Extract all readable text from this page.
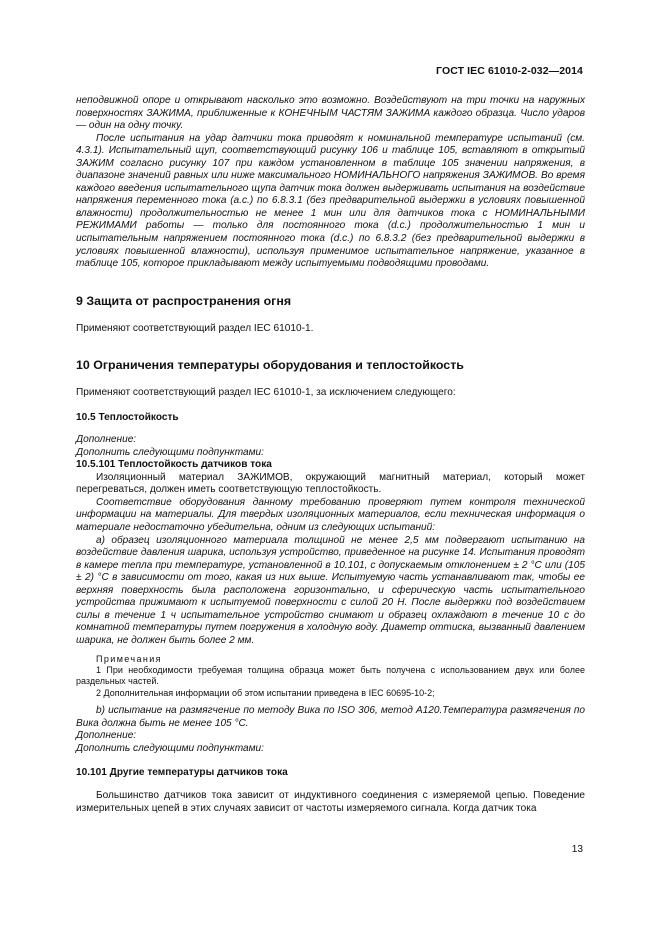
ГОСТ IEC 61010-2-032—2014

неподвижной опоре и открывают насколько это возможно. Воздействуют на три точки на наружных поверхностях ЗАЖИМА, приближенные к КОНЕЧНЫМ ЧАСТЯМ ЗАЖИМА каждого образца. Число ударов — один на одну точку.

После испытания на удар датчики тока приводят к номинальной температуре испытаний (см. 4.3.1). Испытательный щуп, соответствующий рисунку 106 и таблице 105, вставляют в открытый ЗАЖИМ согласно рисунку 107 при каждом установленном в таблице 105 значении напряжения, в диапазоне значений равных или ниже максимального НОМИНАЛЬНОГО напряжения ЗАЖИМОВ. Во время каждого введения испытательного щупа датчик тока должен выдерживать испытания на воздействие напряжения переменного тока (a.c.) по 6.8.3.1 (без предварительной выдержки в условиях повышенной влажности) продолжительностью не менее 1 мин или для датчиков тока с НОМИНАЛЬНЫМИ РЕЖИМАМИ работы — только для постоянного тока (d.c.) продолжительностью 1 мин и испытательным напряжением постоянного тока (d.c.) по 6.8.3.2 (без предварительной выдержки в условиях повышенной влажности), используя применимое испытательное напряжение, указанное в таблице 105, которое прикладывают между испытуемыми подводящими проводами.

9 Защита от распространения огня

Применяют соответствующий раздел IEC 61010-1.

10 Ограничения температуры оборудования и теплостойкость

Применяют соответствующий раздел IEC 61010-1, за исключением следующего:

10.5 Теплостойкость

Дополнение:

Дополнить следующими подпунктами:

10.5.101 Теплостойкость датчиков тока

Изоляционный материал ЗАЖИМОВ, окружающий магнитный материал, который может перегреваться, должен иметь соответствующую теплостойкость.

Соответствие оборудования данному требованию проверяют путем контроля технической информации на материалы. Для твердых изоляционных материалов, если техническая информация о материале недостаточно убедительна, одним из следующих испытаний:

а) образец изоляционного материала толщиной не менее 2,5 мм подвергают испытанию на воздействие давления шарика, используя устройство, приведенное на рисунке 14. Испытания проводят в камере тепла при температуре, установленной в 10.101, с допускаемым отклонением ± 2 °С или (105 ± 2) °С в зависимости от того, какая из них выше. Испытуемую часть устанавливают так, чтобы ее верхняя поверхность была расположена горизонтально, и сферическую часть испытательного устройства прижимают к испытуемой поверхности с силой 20 Н. После выдержки под воздействием силы в течение 1 ч испытательное устройство снимают и образец охлаждают в течение 10 с до комнатной температуры путем погружения в холодную воду. Диаметр оттиска, вызванный давлением шарика, не должен быть более 2 мм.

Примечания

1 При необходимости требуемая толщина образца может быть получена с использованием двух или более раздельных частей.

2 Дополнительная информации об этом испытании приведена в IEC 60695-10-2;

b) испытание на размягчение по методу Вика по ISO 306, метод A120.Температура размягчения по Вика должна быть не менее 105 °С.

Дополнение:

Дополнить следующими подпунктами:

10.101 Другие температуры датчиков тока

Большинство датчиков тока зависит от индуктивного соединения с измеряемой цепью. Поведение измерительных цепей в этих случаях зависит от частоты измеряемого сигнала. Когда датчик тока

13
